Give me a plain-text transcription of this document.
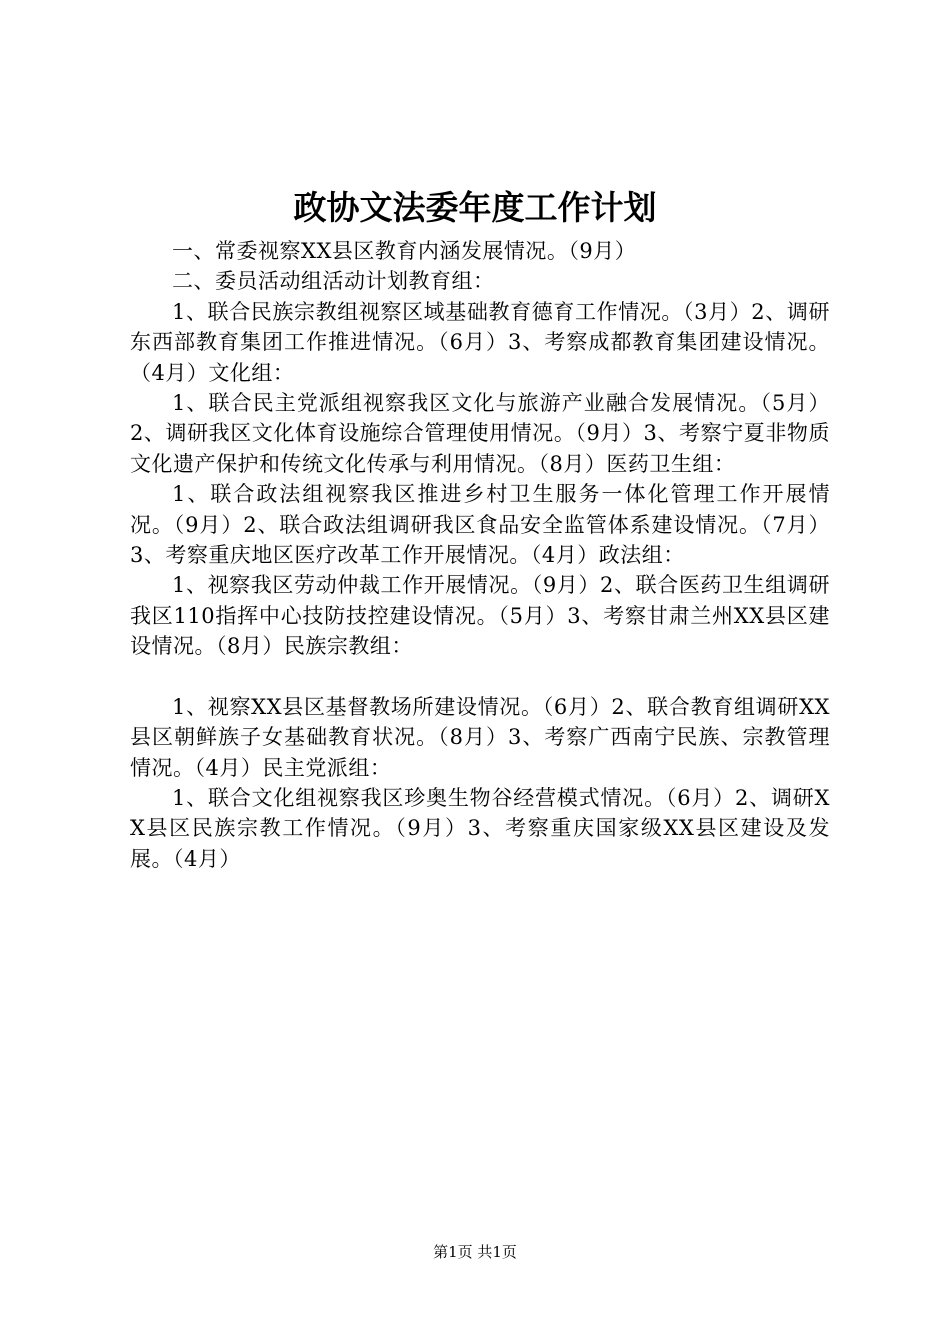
政协文法委年度工作计划

一、常委视察XX县区教育内涵发展情况。（9月）

二、委员活动组活动计划教育组：

1、联合民族宗教组视察区域基础教育德育工作情况。（3月）2、调研东西部教育集团工作推进情况。（6月）3、考察成都教育集团建设情况。（4月）文化组：

1、联合民主党派组视察我区文化与旅游产业融合发展情况。（5月）2、调研我区文化体育设施综合管理使用情况。（9月）3、考察宁夏非物质文化遗产保护和传统文化传承与利用情况。（8月）医药卫生组：

1、联合政法组视察我区推进乡村卫生服务一体化管理工作开展情况。（9月）2、联合政法组调研我区食品安全监管体系建设情况。（7月）3、考察重庆地区医疗改革工作开展情况。（4月）政法组：

1、视察我区劳动仲裁工作开展情况。（9月）2、联合医药卫生组调研我区110指挥中心技防技控建设情况。（5月）3、考察甘肃兰州XX县区建设情况。（8月）民族宗教组：

1、视察XX县区基督教场所建设情况。（6月）2、联合教育组调研XX县区朝鲜族子女基础教育状况。（8月）3、考察广西南宁民族、宗教管理情况。（4月）民主党派组：

1、联合文化组视察我区珍奥生物谷经营模式情况。（6月）2、调研XX县区民族宗教工作情况。（9月）3、考察重庆国家级XX县区建设及发展。（4月）

第1页 共1页
